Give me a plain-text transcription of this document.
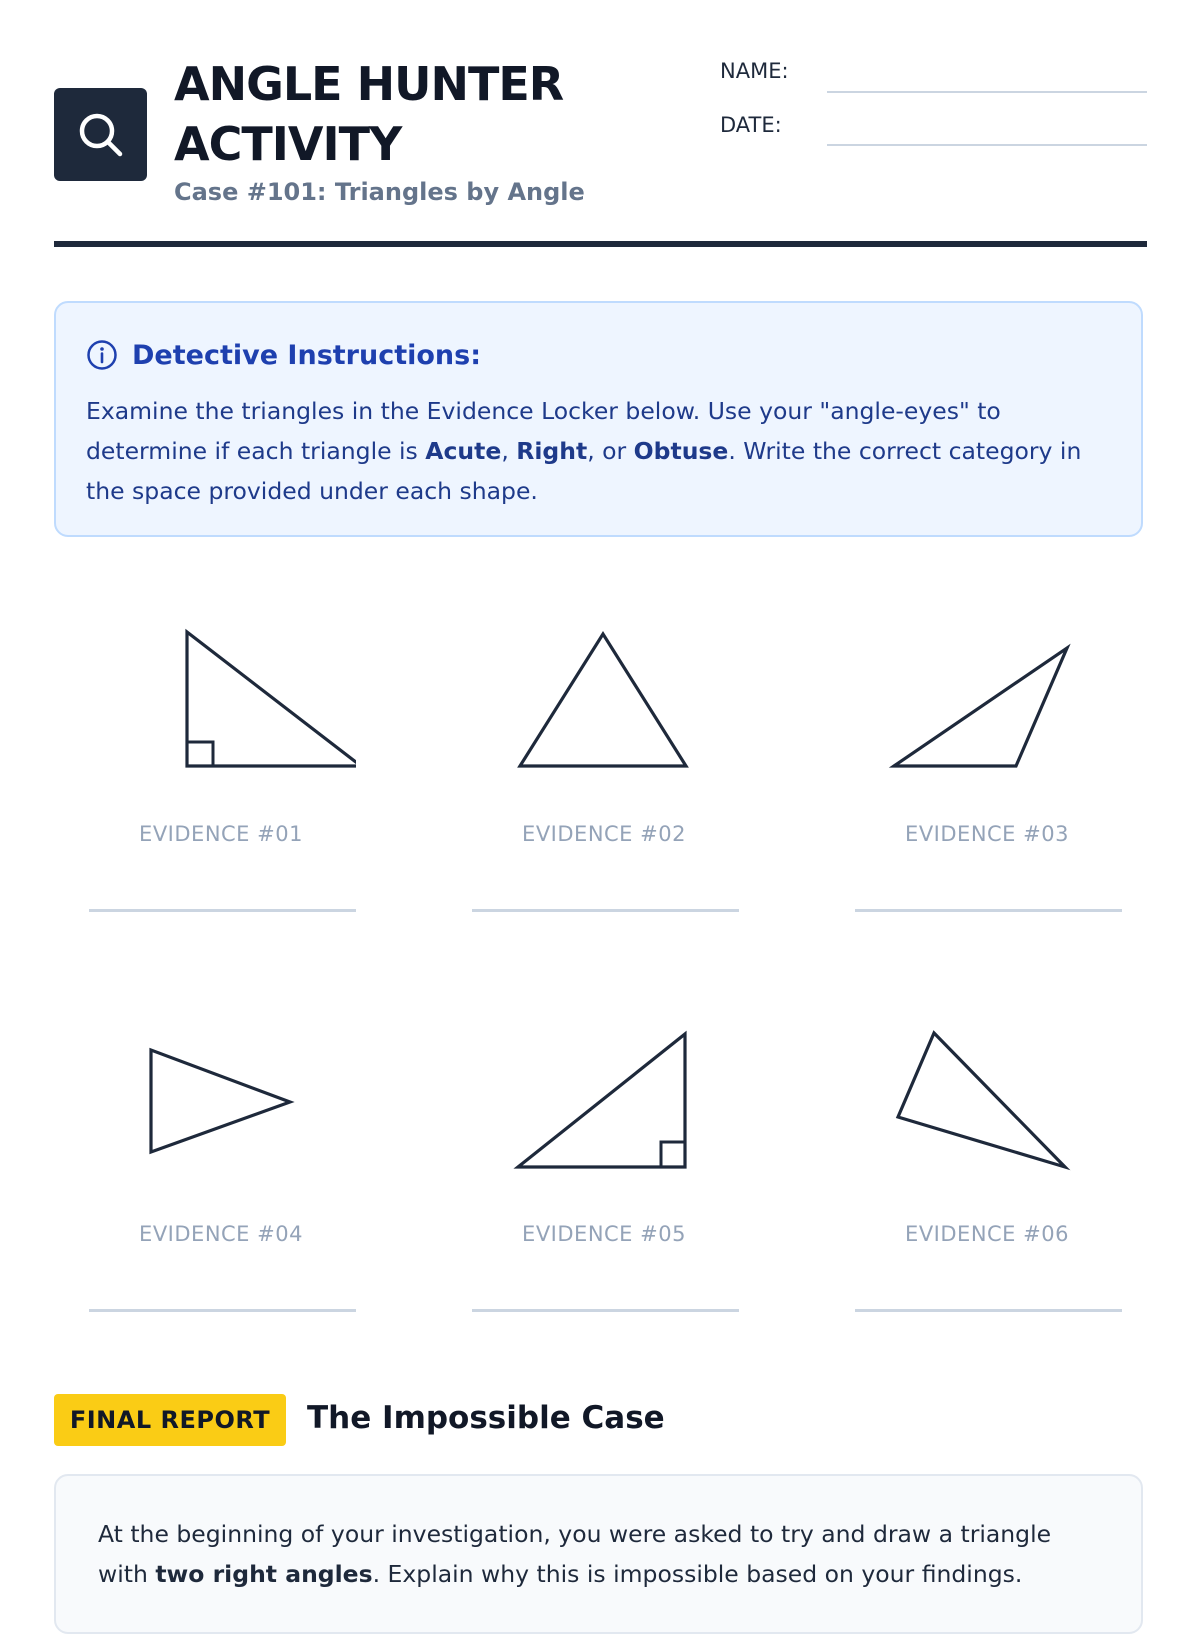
ANGLE HUNTER ACTIVITY
Case #101: Triangles by Angle
NAME:
DATE:
Detective Instructions:

Examine the triangles in the Evidence Locker below. Use your "angle-eyes" to determine if each triangle is Acute, Right, or Obtuse. Write the correct category in the space provided under each shape.

EVIDENCE #01	EVIDENCE #02	EVIDENCE #03
EVIDENCE #04	EVIDENCE #05	EVIDENCE #06
FINAL REPORT	The Impossible Case

At the beginning of your investigation, you were asked to try and draw a triangle with two right angles. Explain why this is impossible based on your findings.
